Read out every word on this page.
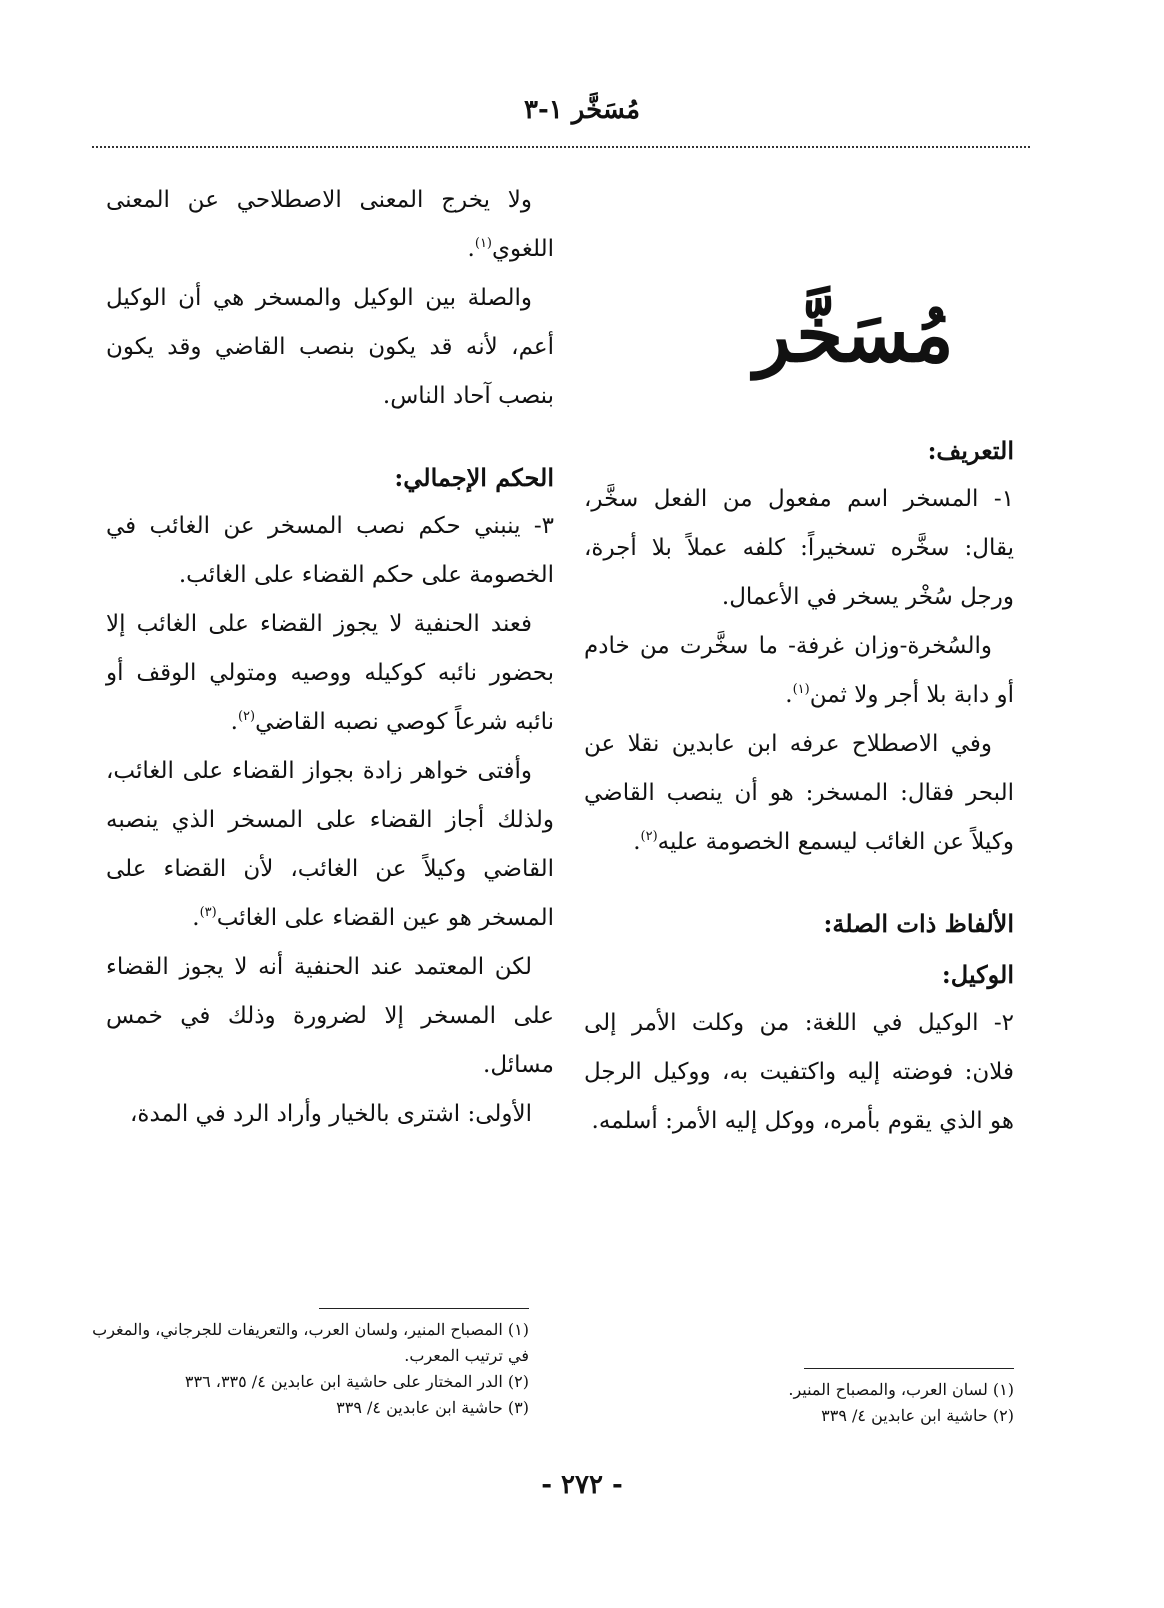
مُسَخَّر ١-٣
مُسَخَّر

التعريف:

١- المسخر اسم مفعول من الفعل سخَّر، يقال: سخَّره تسخيراً: كلفه عملاً بلا أجرة، ورجل سُخْر يسخر في الأعمال.

والسُخرة-وزان غرفة- ما سخَّرت من خادم أو دابة بلا أجر ولا ثمن$^{(١)}$.

وفي الاصطلاح عرفه ابن عابدين نقلا عن البحر فقال: المسخر: هو أن ينصب القاضي وكيلاً عن الغائب ليسمع الخصومة عليه$^{(٢)}$.

الألفاظ ذات الصلة:

الوكيل:

٢- الوكيل في اللغة: من وكلت الأمر إلى فلان: فوضته إليه واكتفيت به، ووكيل الرجل هو الذي يقوم بأمره، ووكل إليه الأمر: أسلمه.

ولا يخرج المعنى الاصطلاحي عن المعنى اللغوي$^{(١)}$.

والصلة بين الوكيل والمسخر هي أن الوكيل أعم، لأنه قد يكون بنصب القاضي وقد يكون بنصب آحاد الناس.

الحكم الإجمالي:

٣- ينبني حكم نصب المسخر عن الغائب في الخصومة على حكم القضاء على الغائب.

فعند الحنفية لا يجوز القضاء على الغائب إلا بحضور نائبه كوكيله ووصيه ومتولي الوقف أو نائبه شرعاً كوصي نصبه القاضي$^{(٢)}$.

وأفتى خواهر زادة بجواز القضاء على الغائب، ولذلك أجاز القضاء على المسخر الذي ينصبه القاضي وكيلاً عن الغائب، لأن القضاء على المسخر هو عين القضاء على الغائب$^{(٣)}$.

لكن المعتمد عند الحنفية أنه لا يجوز القضاء على المسخر إلا لضرورة وذلك في خمس مسائل.

الأولى: اشترى بالخيار وأراد الرد في المدة،

(١) المصباح المنير، ولسان العرب، والتعريفات للجرجاني، والمغرب في ترتيب المعرب.
(٢) الدر المختار على حاشية ابن عابدين ٤/ ٣٣٥، ٣٣٦
(٣) حاشية ابن عابدين ٤/ ٣٣٩
(١) لسان العرب، والمصباح المنير.
(٢) حاشية ابن عابدين ٤/ ٣٣٩
- ٢٧٢ -
